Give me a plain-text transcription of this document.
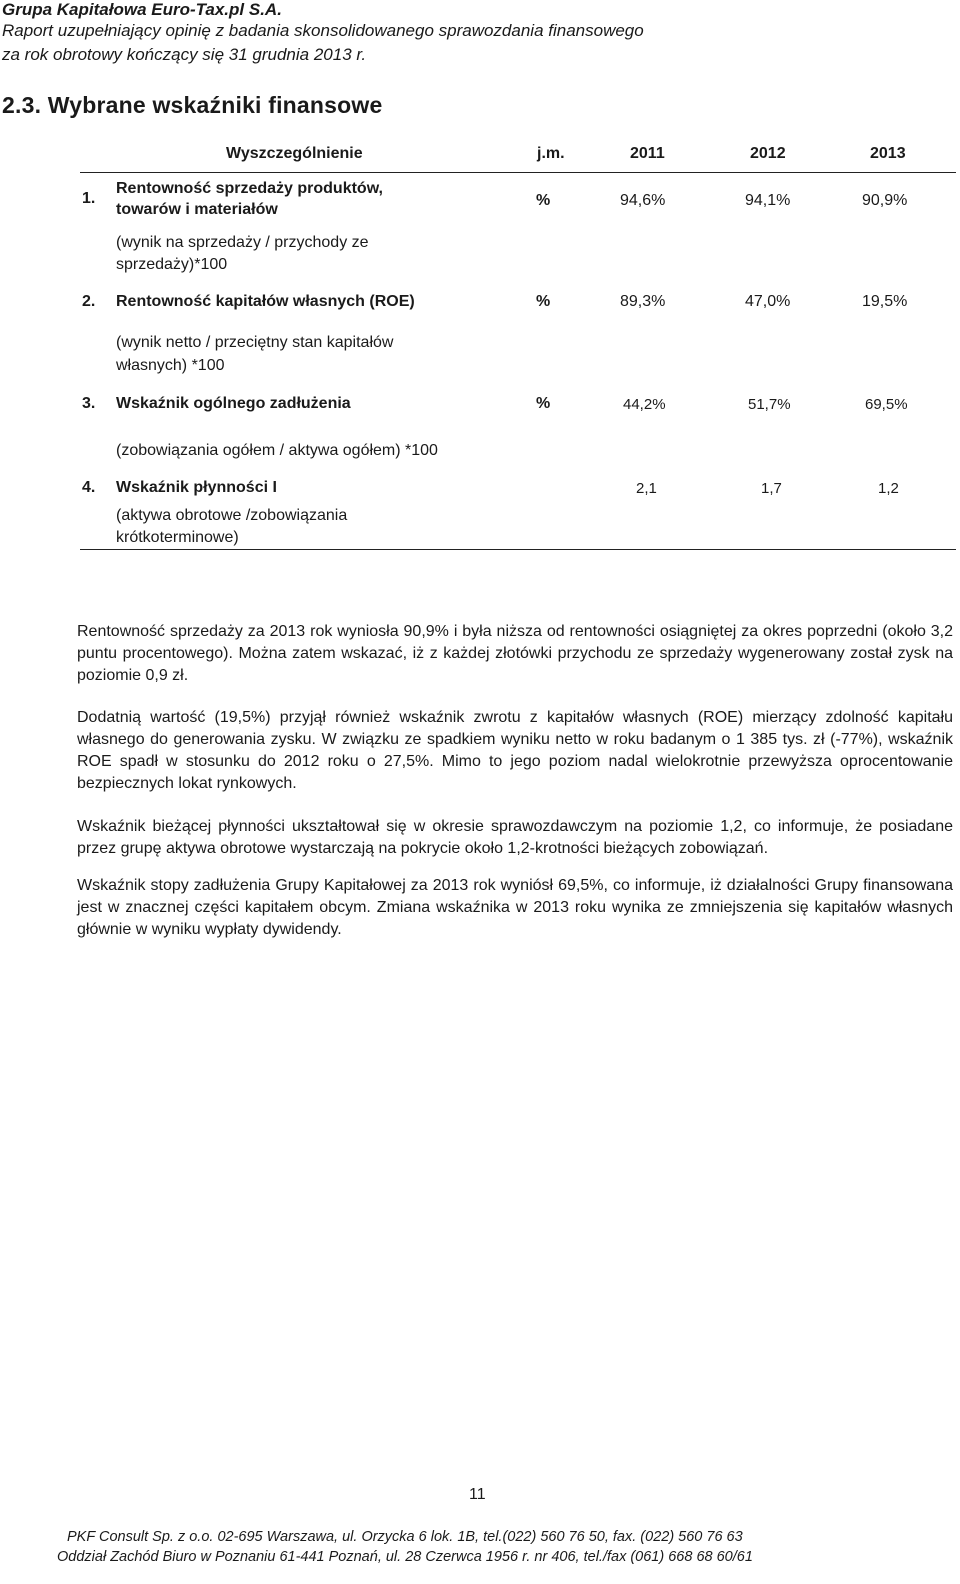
Grupa Kapitałowa Euro-Tax.pl S.A.
Raport uzupełniający opinię z badania skonsolidowanego sprawozdania finansowego
za rok obrotowy kończący się 31 grudnia 2013 r.
2.3. Wybrane wskaźniki finansowe
Wyszczególnienie	j.m.	2011	2012	2013
1.
Rentowność sprzedaży produktów,
towarów i materiałów
(wynik na sprzedaży / przychody ze
sprzedaży)*100
%	94,6%	94,1%	90,9%
2. Rentowność kapitałów własnych (ROE)
(wynik netto / przeciętny stan kapitałów
własnych) *100
%	89,3%	47,0%	19,5%
3. Wskaźnik ogólnego zadłużenia
(zobowiązania ogółem / aktywa ogółem) *100
%	44,2%	51,7%	69,5%
4. Wskaźnik płynności I
(aktywa obrotowe /zobowiązania
krótkoterminowe)
2,1	1,7	1,2
Rentowność sprzedaży za 2013 rok wyniosła 90,9% i była niższa od rentowności osiągniętej za okres poprzedni (około 3,2 puntu procentowego). Można zatem wskazać, iż z każdej złotówki przychodu ze sprzedaży wygenerowany został zysk na poziomie 0,9 zł.
Dodatnią wartość (19,5%) przyjął również wskaźnik zwrotu z kapitałów własnych (ROE) mierzący zdolność kapitału własnego do generowania zysku. W związku ze spadkiem wyniku netto w roku badanym o 1 385 tys. zł (-77%), wskaźnik ROE spadł w stosunku do 2012 roku o 27,5%. Mimo to jego poziom nadal wielokrotnie przewyższa oprocentowanie bezpiecznych lokat rynkowych.
Wskaźnik bieżącej płynności ukształtował się w okresie sprawozdawczym na poziomie 1,2, co informuje, że posiadane przez grupę aktywa obrotowe wystarczają na pokrycie około 1,2-krotności bieżących zobowiązań.
Wskaźnik stopy zadłużenia Grupy Kapitałowej za 2013 rok wyniósł 69,5%, co informuje, iż działalności Grupy finansowana jest w znacznej części kapitałem obcym. Zmiana wskaźnika w 2013 roku wynika ze zmniejszenia się kapitałów własnych głównie w wyniku wypłaty dywidendy.
11
PKF Consult Sp. z o.o. 02-695 Warszawa, ul. Orzycka 6 lok. 1B, tel.(022) 560 76 50, fax. (022) 560 76 63
Oddział Zachód Biuro w Poznaniu 61-441 Poznań, ul. 28 Czerwca 1956 r. nr 406, tel./fax (061) 668 68 60/61
